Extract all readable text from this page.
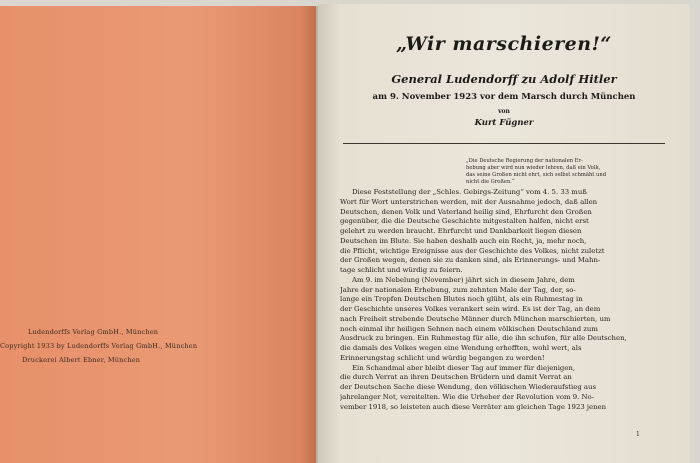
Ludendorffs Verlag GmbH., München
Copyright 1933 by Ludendorffs Verlag GmbH., München
Druckerei Albert Ebner, München
„Wir marschieren!“
General Ludendorff zu Adolf Hitler
am 9. November 1923 vor dem Marsch durch München
von
Kurt Fügner
„Die Deutsche Regierung der nationalen Er-
hebung aber wird nun wieder lehren, daß ein Volk,
das seine Großen nicht ehrt, sich selbst schmäht und
nicht die Großen.“
Diese Feststellung der „Schles. Gebirgs-Zeitung“ vom 4. 5. 33 muß
Wort für Wort unterstrichen werden, mit der Ausnahme jedoch, daß allen
Deutschen, denen Volk und Vaterland heilig sind, Ehrfurcht den Großen
gegenüber, die die Deutsche Geschichte mitgestalten halfen, nicht erst
gelehrt zu werden braucht. Ehrfurcht und Dankbarkeit liegen diesen
Deutschen im Blute. Sie haben deshalb auch ein Recht, ja, mehr noch,
die Pflicht, wichtige Ereignisse aus der Geschichte des Volkes, nicht zuletzt
der Großen wegen, denen sie zu danken sind, als Erinnerungs- und Mahn-
tage schlicht und würdig zu feiern.
Am 9. im Nebelung (November) jährt sich in diesem Jahre, dem
Jahre der nationalen Erhebung, zum zehnten Male der Tag, der, so-
lange ein Tropfen Deutschen Blutes noch glüht, als ein Ruhmestag in
der Geschichte unseres Volkes verankert sein wird. Es ist der Tag, an dem
nach Freiheit strebende Deutsche Männer durch München marschierten, um
noch einmal ihr heiligen Sehnen nach einem völkischen Deutschland zum
Ausdruck zu bringen. Ein Ruhmestag für alle, die ihn schufen, für alle Deutschen,
die damals des Volkes wegen eine Wendung erhofften, wohl wert, als
Erinnerungstag schlicht und würdig begangen zu werden!
Ein Schandmal aber bleibt dieser Tag auf immer für diejenigen,
die durch Verrat an ihren Deutschen Brüdern und damit Verrat an
der Deutschen Sache diese Wendung, den völkischen Wiederaufstieg aus
jahrelanger Not, vereitelten. Wie die Urheber der Revolution vom 9. No-
vember 1918, so leisteten auch diese Verräter am gleichen Tage 1923 jenen
1
